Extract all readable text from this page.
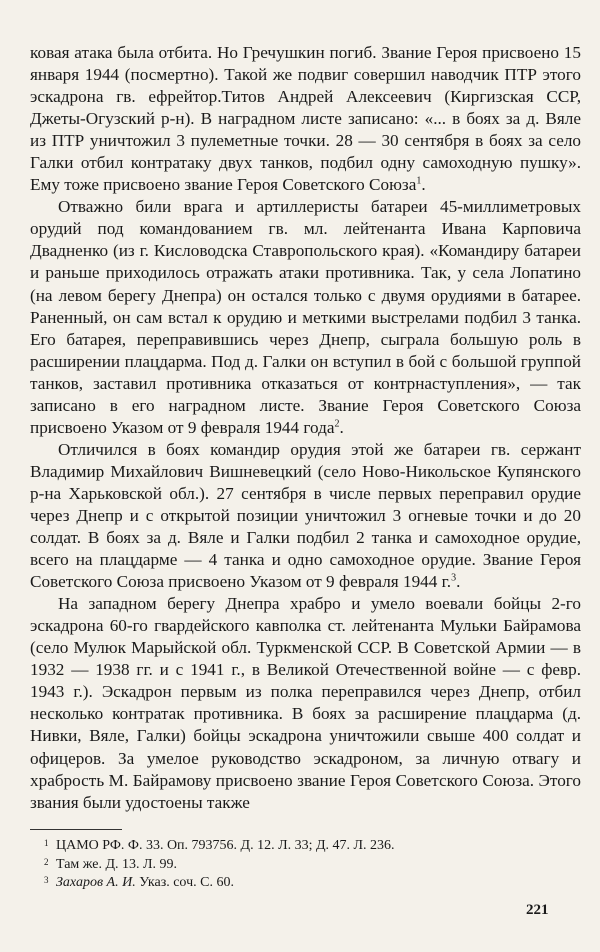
ковая атака была отбита. Но Гречушкин погиб. Звание Героя присвоено 15 января 1944 (посмертно). Такой же подвиг совершил наводчик ПТР этого эскадрона гв. ефрейтор.Титов Андрей Алексеевич (Киргизская ССР, Джеты-Огузский р-н). В наградном листе записано: «... в боях за д. Вяле из ПТР уничтожил 3 пулеметные точки. 28 — 30 сентября в боях за село Галки отбил контратаку двух танков, подбил одну самоходную пушку». Ему тоже присвоено звание Героя Советского Союза$^1$.

Отважно били врага и артиллеристы батареи 45-миллиметровых орудий под командованием гв. мл. лейтенанта Ивана Карповича Двадненко (из г. Кисловодска Ставропольского края). «Командиру батареи и раньше приходилось отражать атаки противника. Так, у села Лопатино (на левом берегу Днепра) он остался только с двумя орудиями в батарее. Раненный, он сам встал к орудию и меткими выстрелами подбил 3 танка. Его батарея, переправившись через Днепр, сыграла большую роль в расширении плацдарма. Под д. Галки он вступил в бой с большой группой танков, заставил противника отказаться от контрнаступления», — так записано в его наградном листе. Звание Героя Советского Союза присвоено Указом от 9 февраля 1944 года$^2$.

Отличился в боях командир орудия этой же батареи гв. сержант Владимир Михайлович Вишневецкий (село Ново-Никольское Купянского р-на Харьковской обл.). 27 сентября в числе первых переправил орудие через Днепр и с открытой позиции уничтожил 3 огневые точки и до 20 солдат. В боях за д. Вяле и Галки подбил 2 танка и самоходное орудие, всего на плацдарме — 4 танка и одно самоходное орудие. Звание Героя Советского Союза присвоено Указом от 9 февраля 1944 г.$^3$.

На западном берегу Днепра храбро и умело воевали бойцы 2-го эскадрона 60-го гвардейского кавполка ст. лейтенанта Мульки Байрамова (село Мулюк Марыйской обл. Туркменской ССР. В Советской Армии — в 1932 — 1938 гг. и с 1941 г., в Великой Отечественной войне — с февр. 1943 г.). Эскадрон первым из полка переправился через Днепр, отбил несколько контратак противника. В боях за расширение плацдарма (д. Нивки, Вяле, Галки) бойцы эскадрона уничтожили свыше 400 солдат и офицеров. За умелое руководство эскадроном, за личную отвагу и храбрость М. Байрамову присвоено звание Героя Советского Союза. Этого звания были удостоены также

1 ЦАМО РФ. Ф. 33. Оп. 793756. Д. 12. Л. 33; Д. 47. Л. 236.

2 Там же. Д. 13. Л. 99.

3 Захаров А. И. Указ. соч. С. 60.

221
